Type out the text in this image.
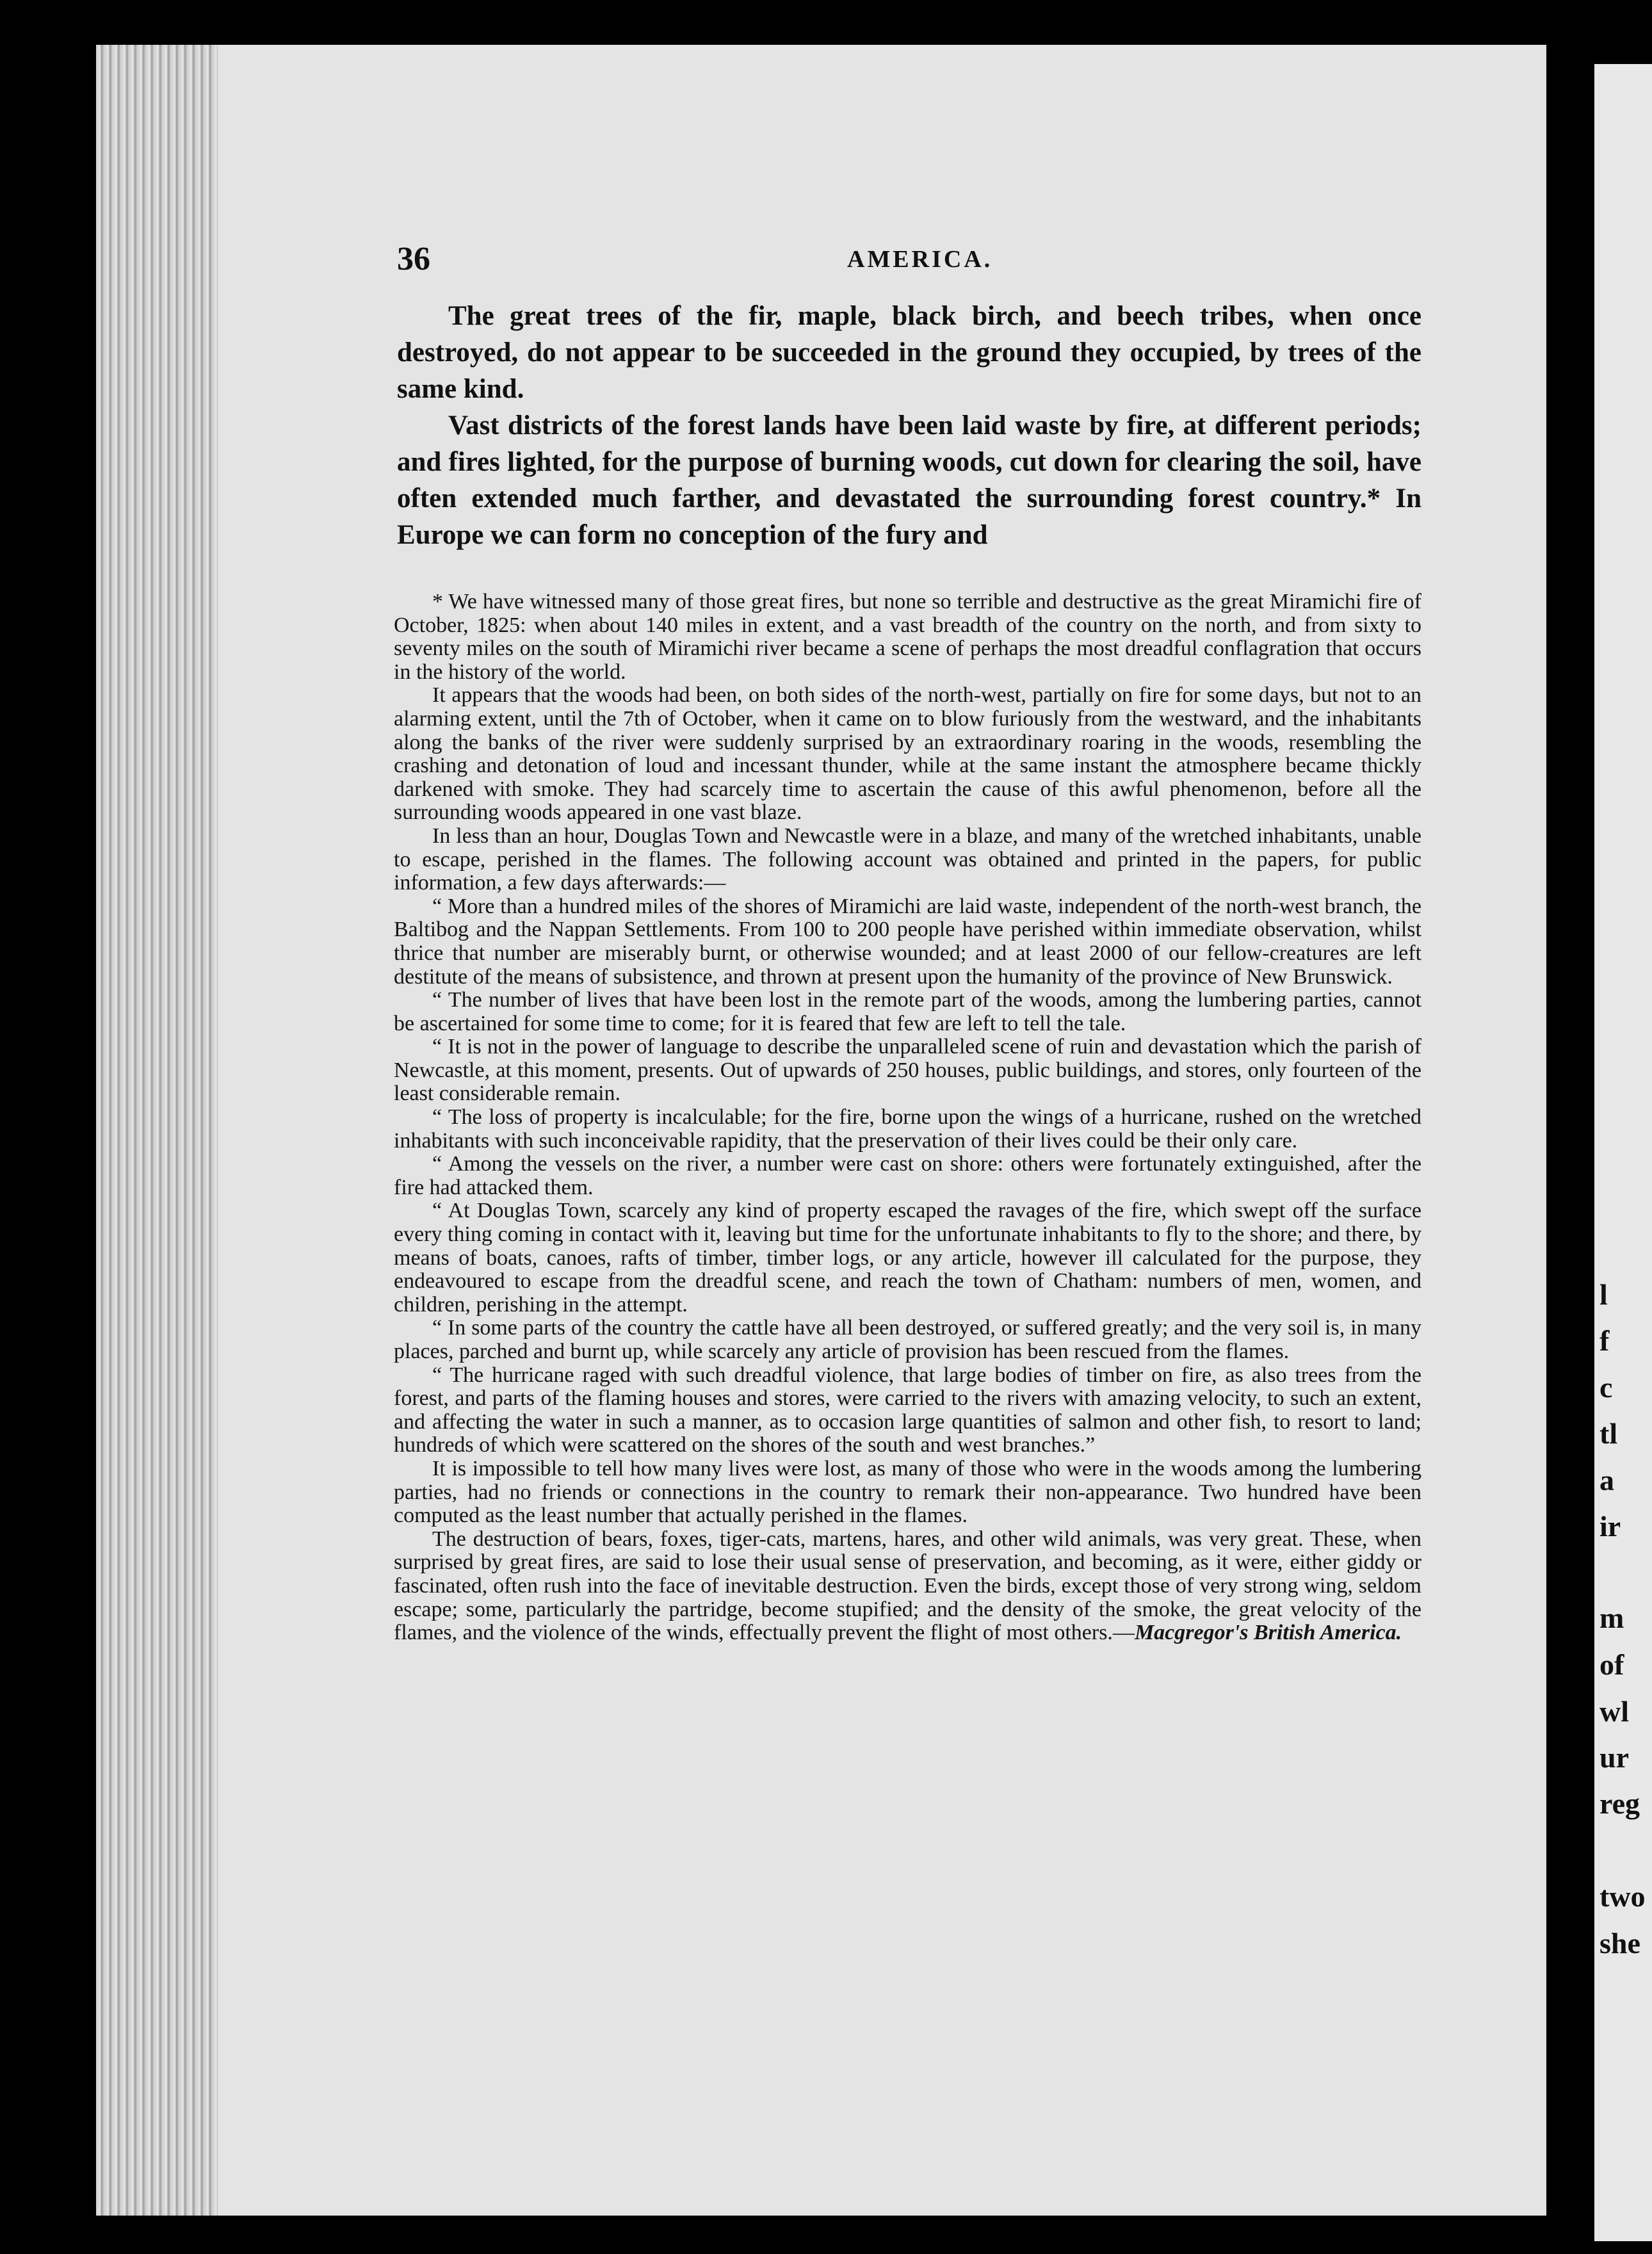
36	AMERICA.

The great trees of the fir, maple, black birch, and beech tribes, when once destroyed, do not appear to be succeeded in the ground they occupied, by trees of the same kind.

Vast districts of the forest lands have been laid waste by fire, at different periods; and fires lighted, for the purpose of burning woods, cut down for clearing the soil, have often extended much farther, and devastated the surrounding forest country.* In Europe we can form no conception of the fury and

* We have witnessed many of those great fires, but none so terrible and destructive as the great Miramichi fire of October, 1825: when about 140 miles in extent, and a vast breadth of the country on the north, and from sixty to seventy miles on the south of Miramichi river became a scene of perhaps the most dreadful conflagration that occurs in the history of the world.

It appears that the woods had been, on both sides of the north-west, partially on fire for some days, but not to an alarming extent, until the 7th of October, when it came on to blow furiously from the westward, and the inhabitants along the banks of the river were suddenly surprised by an extraordinary roaring in the woods, resembling the crashing and detonation of loud and incessant thunder, while at the same instant the atmosphere became thickly darkened with smoke. They had scarcely time to ascertain the cause of this awful phenomenon, before all the surrounding woods appeared in one vast blaze.

In less than an hour, Douglas Town and Newcastle were in a blaze, and many of the wretched inhabitants, unable to escape, perished in the flames. The following account was obtained and printed in the papers, for public information, a few days afterwards:—

“ More than a hundred miles of the shores of Miramichi are laid waste, independent of the north-west branch, the Baltibog and the Nappan Settlements. From 100 to 200 people have perished within immediate observation, whilst thrice that number are miserably burnt, or otherwise wounded; and at least 2000 of our fellow-creatures are left destitute of the means of subsistence, and thrown at present upon the humanity of the province of New Brunswick.

“ The number of lives that have been lost in the remote part of the woods, among the lumbering parties, cannot be ascertained for some time to come; for it is feared that few are left to tell the tale.

“ It is not in the power of language to describe the unparalleled scene of ruin and devastation which the parish of Newcastle, at this moment, presents. Out of upwards of 250 houses, public buildings, and stores, only fourteen of the least considerable remain.

“ The loss of property is incalculable; for the fire, borne upon the wings of a hurricane, rushed on the wretched inhabitants with such inconceivable rapidity, that the preservation of their lives could be their only care.

“ Among the vessels on the river, a number were cast on shore: others were fortunately extinguished, after the fire had attacked them.

“ At Douglas Town, scarcely any kind of property escaped the ravages of the fire, which swept off the surface every thing coming in contact with it, leaving but time for the unfortunate inhabitants to fly to the shore; and there, by means of boats, canoes, rafts of timber, timber logs, or any article, however ill calculated for the purpose, they endeavoured to escape from the dreadful scene, and reach the town of Chatham: numbers of men, women, and children, perishing in the attempt.

“ In some parts of the country the cattle have all been destroyed, or suffered greatly; and the very soil is, in many places, parched and burnt up, while scarcely any article of provision has been rescued from the flames.

“ The hurricane raged with such dreadful violence, that large bodies of timber on fire, as also trees from the forest, and parts of the flaming houses and stores, were carried to the rivers with amazing velocity, to such an extent, and affecting the water in such a manner, as to occasion large quantities of salmon and other fish, to resort to land; hundreds of which were scattered on the shores of the south and west branches.”

It is impossible to tell how many lives were lost, as many of those who were in the woods among the lumbering parties, had no friends or connections in the country to remark their non-appearance. Two hundred have been computed as the least number that actually perished in the flames.

The destruction of bears, foxes, tiger-cats, martens, hares, and other wild animals, was very great. These, when surprised by great fires, are said to lose their usual sense of preservation, and becoming, as it were, either giddy or fascinated, often rush into the face of inevitable destruction. Even the birds, except those of very strong wing, seldom escape; some, particularly the partridge, become stupified; and the density of the smoke, the great velocity of the flames, and the violence of the winds, effectually prevent the flight of most others.—Macgregor's British America.

l
f
c
tl
a
ir
m
of
wl
ur
reg
two
she
